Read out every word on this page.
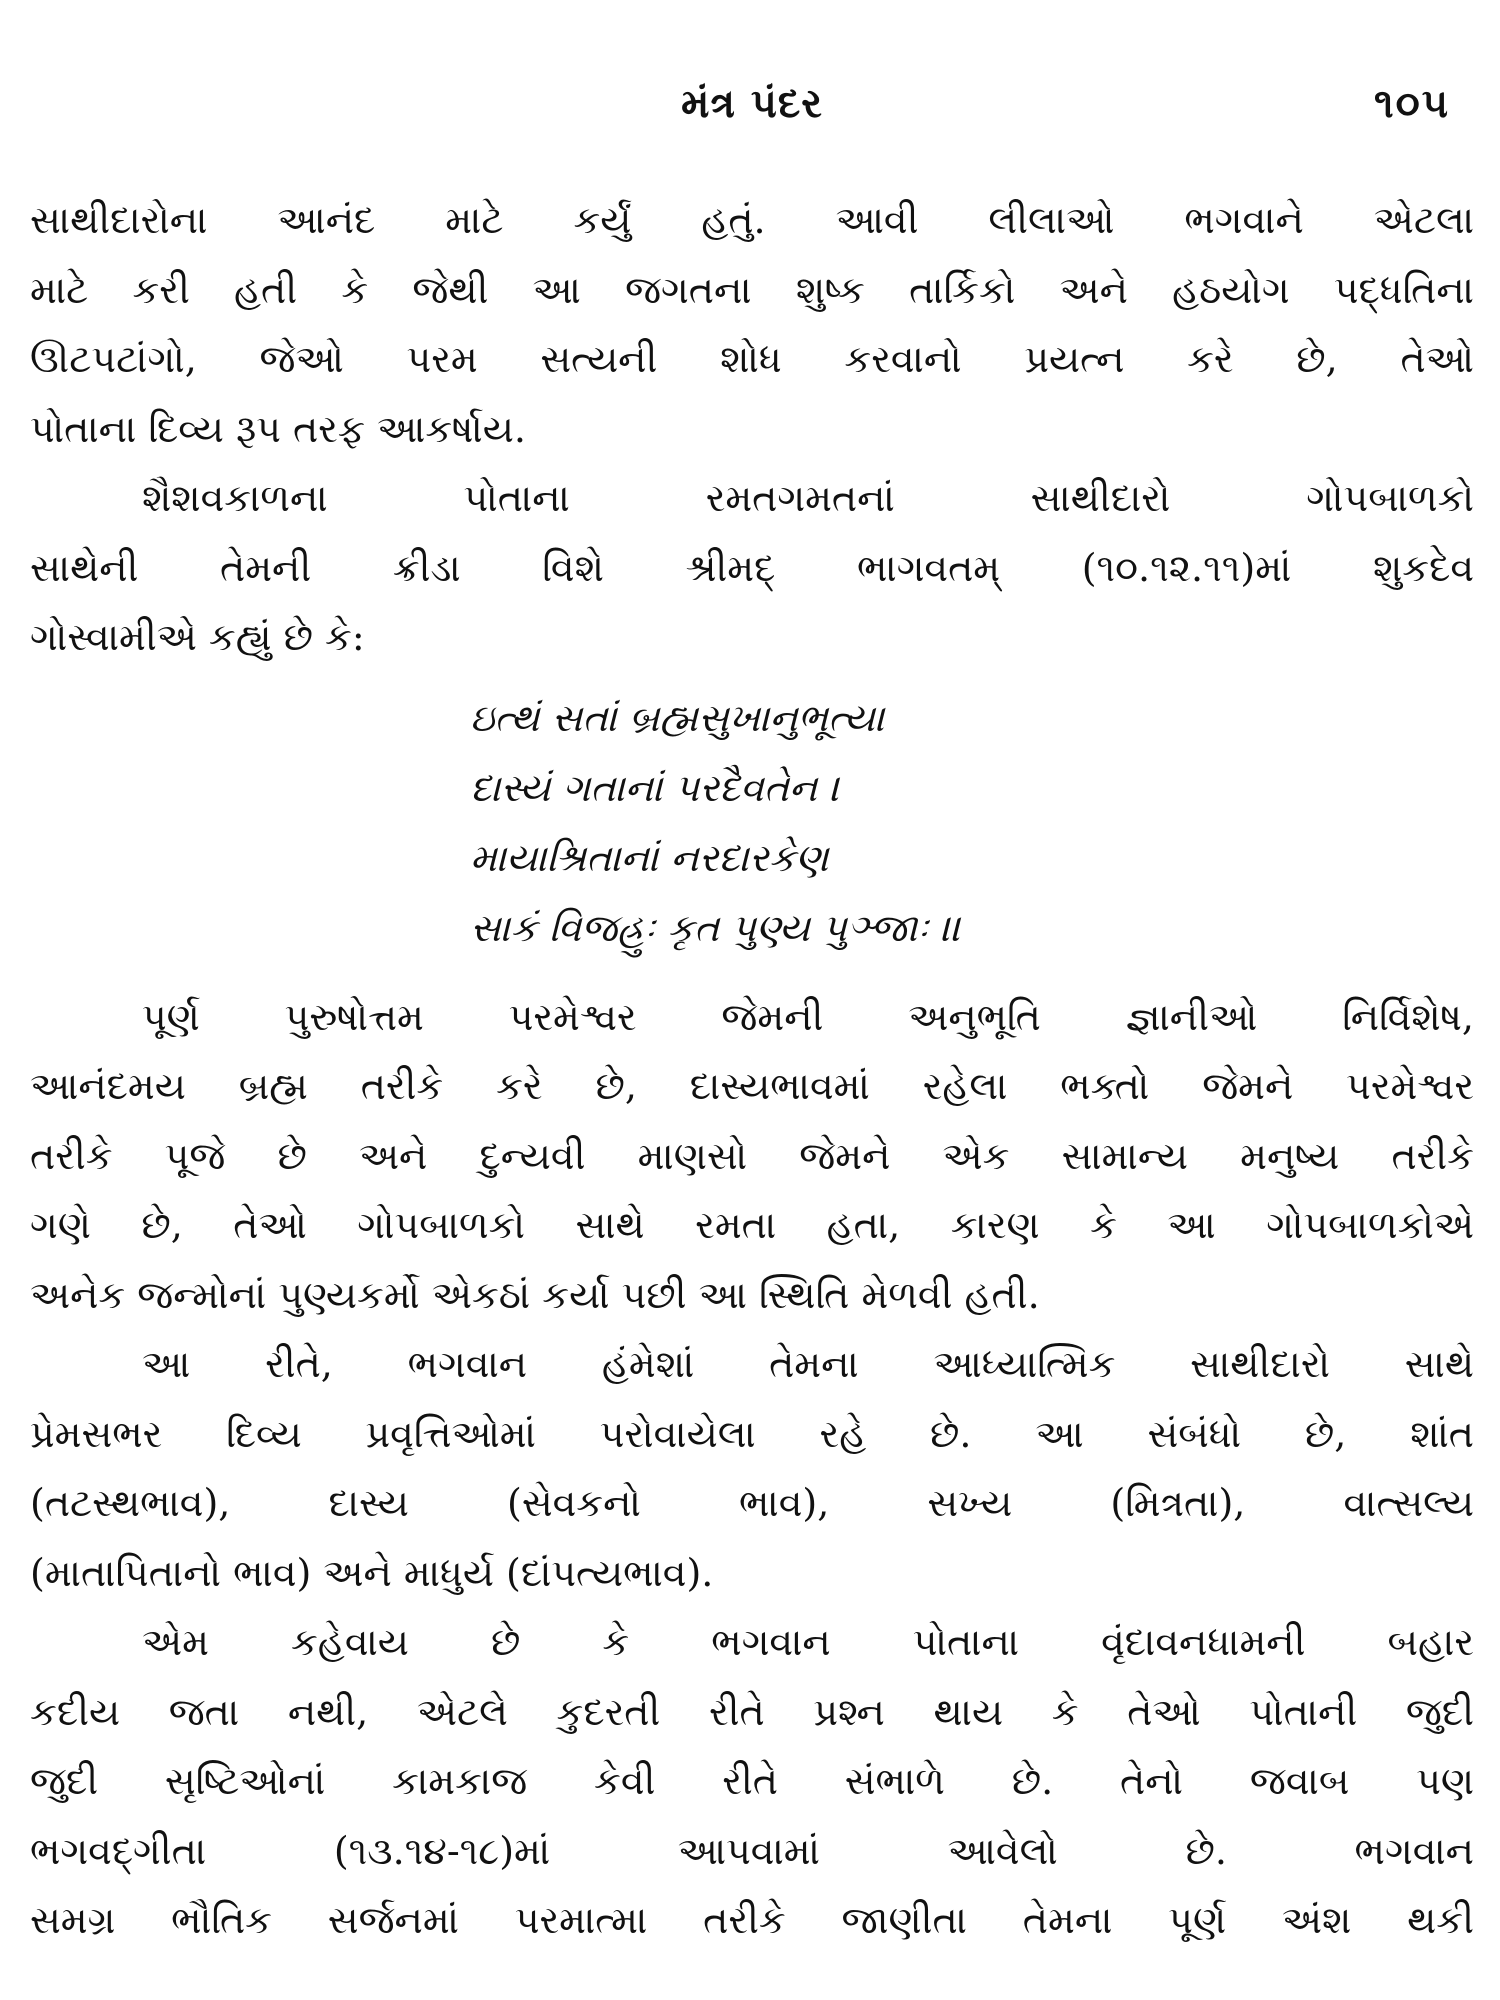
મંત્ર પંદર	૧૦૫
સાથીદારોના આનંદ માટે કર્યું હતું. આવી લીલાઓ ભગવાને એટલા
માટે કરી હતી કે જેથી આ જગતના શુષ્ક તાર્કિકો અને હઠયોગ પદ્ધતિના
ઊટપટાંગો, જેઓ પરમ સત્યની શોધ કરવાનો પ્રયત્ન કરે છે, તેઓ
પોતાના દિવ્ય રૂપ તરફ આકર્ષાય.
શૈશવકાળના પોતાના રમતગમતનાં સાથીદારો ગોપબાળકો
સાથેની તેમની ક્રીડા વિશે શ્રીમદ્ ભાગવતમ્ (૧૦.૧૨.૧૧)માં શુકદેવ
ગોસ્વામીએ કહ્યું છે કે:
ઇત્થં સતાં બ્રહ્મસુખાનુભૂત્યા
દાસ્યં ગતાનાં પરદૈવતેન ।
માયાશ્રિતાનાં નરદારકેણ
સાકં વિજહ્રુઃ કૃત પુણ્ય પુઞ્જાઃ ।।
પૂર્ણ પુરુષોત્તમ પરમેશ્વર જેમની અનુભૂતિ જ્ઞાનીઓ નિર્વિશેષ,
આનંદમય બ્રહ્મ તરીકે કરે છે, દાસ્યભાવમાં રહેલા ભક્તો જેમને પરમેશ્વર
તરીકે પૂજે છે અને દુન્યવી માણસો જેમને એક સામાન્ય મનુષ્ય તરીકે
ગણે છે, તેઓ ગોપબાળકો સાથે રમતા હતા, કારણ કે આ ગોપબાળકોએ
અનેક જન્મોનાં પુણ્યકર્મો એકઠાં કર્યા પછી આ સ્થિતિ મેળવી હતી.
આ રીતે, ભગવાન હંમેશાં તેમના આધ્યાત્મિક સાથીદારો સાથે
પ્રેમસભર દિવ્ય પ્રવૃત્તિઓમાં પરોવાયેલા રહે છે. આ સંબંધો છે, શાંત
(તટસ્થભાવ), દાસ્ય (સેવકનો ભાવ), સખ્ય (મિત્રતા), વાત્સલ્ય
(માતાપિતાનો ભાવ) અને માધુર્ય (દાંપત્યભાવ).
એમ કહેવાય છે કે ભગવાન પોતાના વૃંદાવનધામની બહાર
કદીય જતા નથી, એટલે કુદરતી રીતે પ્રશ્ન થાય કે તેઓ પોતાની જુદી
જુદી સૃષ્ટિઓનાં કામકાજ કેવી રીતે સંભાળે છે. તેનો જવાબ પણ
ભગવદ્ગીતા (૧૩.૧૪-૧૮)માં આપવામાં આવેલો છે. ભગવાન
સમગ્ર ભૌતિક સર્જનમાં પરમાત્મા તરીકે જાણીતા તેમના પૂર્ણ અંશ થકી
